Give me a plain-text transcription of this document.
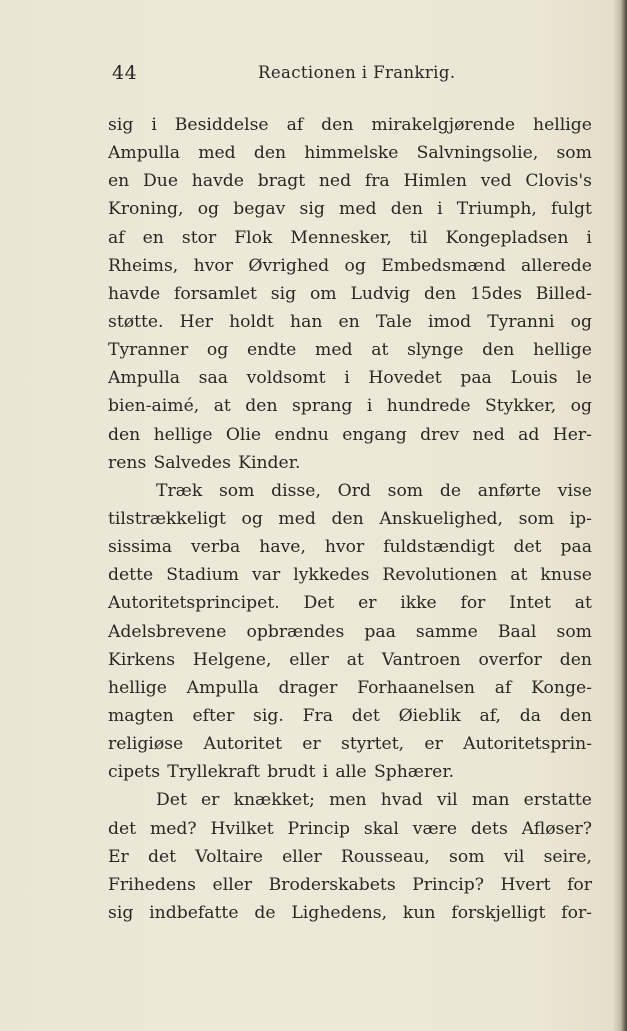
44	Reactionen i Frankrig.
sig i Besiddelse af den mirakelgjørende hellige
Ampulla med den himmelske Salvningsolie, som
en Due havde bragt ned fra Himlen ved Clovis's
Kroning, og begav sig med den i Triumph, fulgt
af en stor Flok Mennesker, til Kongepladsen i
Rheims, hvor Øvrighed og Embedsmænd allerede
havde forsamlet sig om Ludvig den 15des Billed-
støtte. Her holdt han en Tale imod Tyranni og
Tyranner og endte med at slynge den hellige
Ampulla saa voldsomt i Hovedet paa Louis le
bien-aimé, at den sprang i hundrede Stykker, og
den hellige Olie endnu engang drev ned ad Her-
rens Salvedes Kinder.
Træk som disse, Ord som de anførte vise
tilstrækkeligt og med den Anskuelighed, som ip-
sissima verba have, hvor fuldstændigt det paa
dette Stadium var lykkedes Revolutionen at knuse
Autoritetsprincipet. Det er ikke for Intet at
Adelsbrevene opbrændes paa samme Baal som
Kirkens Helgene, eller at Vantroen overfor den
hellige Ampulla drager Forhaanelsen af Konge-
magten efter sig. Fra det Øieblik af, da den
religiøse Autoritet er styrtet, er Autoritetsprin-
cipets Tryllekraft brudt i alle Sphærer.
Det er knækket; men hvad vil man erstatte
det med? Hvilket Princip skal være dets Afløser?
Er det Voltaire eller Rousseau, som vil seire,
Frihedens eller Broderskabets Princip? Hvert for
sig indbefatte de Lighedens, kun forskjelligt for-
